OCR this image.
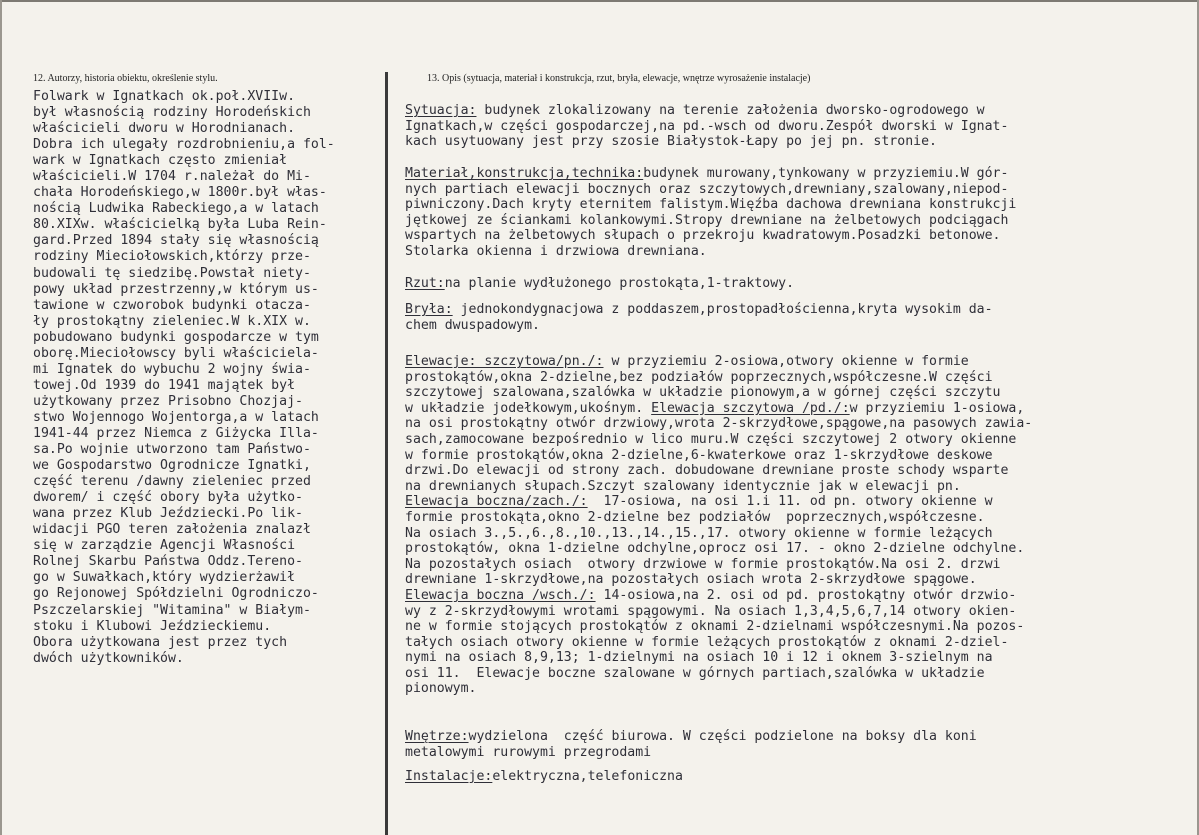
12. Autorzy, historia obiektu, określenie stylu.	13. Opis (sytuacja, materiał i konstrukcja, rzut, bryła, elewacje, wnętrze wyrosażenie instalacje)
Folwark w Ignatkach ok.poł.XVIIw.
był własnością rodziny Horodeńskich
właścicieli dworu w Horodnianach.
Dobra ich ulegały rozdrobnieniu,a fol-
wark w Ignatkach często zmieniał
właścicieli.W 1704 r.należał do Mi-
chała Horodeńskiego,w 1800r.był włas-
nością Ludwika Rabeckiego,a w latach
80.XIXw. właścicielką była Luba Rein-
gard.Przed 1894 stały się własnością
rodziny Mieciołowskich,którzy prze-
budowali tę siedzibę.Powstał niety-
powy układ przestrzenny,w którym us-
tawione w czworobok budynki otacza-
ły prostokątny zieleniec.W k.XIX w.
pobudowano budynki gospodarcze w tym
oborę.Mieciołowscy byli właścicielа-
mi Ignatek do wybuchu 2 wojny świa-
towej.Od 1939 do 1941 majątek był
użytkowany przez Prisobno Chozjaj-
stwo Wojennogo Wojentorga,a w latach
1941-44 przez Niemca z Giżycka Illa-
sa.Po wojnie utworzono tam Państwo-
we Gospodarstwo Ogrodnicze Ignatki,
część terenu /dawny zieleniec przed
dworem/ i część obory była użytko-
wana przez Klub Jeździecki.Po lik-
widacji PGO teren założenia znalazł
się w zarządzie Agencji Własności
Rolnej Skarbu Państwa Oddz.Tereno-
go w Suwałkach,który wydzierżawił
go Rejonowej Spółdzielni Ogrodniczo-
Pszczelarskiej "Witamina" w Białym-
stoku i Klubowi Jeździeckiemu.
Obora użytkowana jest przez tych
dwóch użytkowników.
Sytuacja: budynek zlokalizowany na terenie założenia dworsko-ogrodowego w
Ignatkach,w części gospodarczej,na pd.-wsch od dworu.Zespół dworski w Ignat-
kach usytuowany jest przy szosie Białystok-Łapy po jej pn. stronie.
Materiał,konstrukcja,technika:budynek murowany,tynkowany w przyziemiu.W gór-
nych partiach elewacji bocznych oraz szczytowych,drewniany,szalowany,niepod-
piwniczony.Dach kryty eternitem falistym.Więźba dachowa drewniana konstrukcji
jętkowej ze ściankami kolankowymi.Stropy drewniane na żelbetowych podciągach
wspartych na żelbetowych słupach o przekroju kwadratowym.Posadzki betonowe.
Stolarka okienna i drzwiowa drewniana.
Rzut:na planie wydłużonego prostokąta,1-traktowy.
Bryła: jednokondygnacjowa z poddaszem,prostopadłościenna,kryta wysokim da-
chem dwuspadowym.
Elewacje: szczytowa/pn./: w przyziemiu 2-osiowa,otwory okienne w formie
prostokątów,okna 2-dzielne,bez podziałów poprzecznych,współczesne.W części
szczytowej szalowana,szalówka w układzie pionowym,a w górnej części szczytu
w układzie jodełkowym,ukośnym. Elewacja szczytowa /pd./:w przyziemiu 1-osiowa,
na osi prostokątny otwór drzwiowy,wrota 2-skrzydłowe,spągowe,na pasowych zawia-
sach,zamocowane bezpośrednio w lico muru.W części szczytowej 2 otwory okienne
w formie prostokątów,okna 2-dzielne,6-kwaterkowe oraz 1-skrzydłowe deskowe
drzwi.Do elewacji od strony zach. dobudowane drewniane proste schody wsparte
na drewnianych słupach.Szczyt szalowany identycznie jak w elewacji pn.
Elewacja boczna/zach./:  17-osiowa, na osi 1.i 11. od pn. otwory okienne w
formie prostokąta,okno 2-dzielne bez podziałów  poprzecznych,współczesne.
Na osiach 3.,5.,6.,8.,10.,13.,14.,15.,17. otwory okienne w formie leżących
prostokątów, okna 1-dzielne odchylne,oprocz osi 17. - okno 2-dzielne odchylne.
Na pozostałych osiach  otwory drzwiowe w formie prostokątów.Na osi 2. drzwi
drewniane 1-skrzydłowe,na pozostałych osiach wrota 2-skrzydłowe spągowe.
Elewacja boczna /wsch./: 14-osiowa,na 2. osi od pd. prostokątny otwór drzwio-
wy z 2-skrzydłowymi wrotami spągowymi. Na osiach 1,3,4,5,6,7,14 otwory okien-
ne w formie stojących prostokątów z oknami 2-dzielnami współczesnymi.Na pozos-
tałych osiach otwory okienne w formie leżących prostokątów z oknami 2-dziel-
nymi na osiach 8,9,13; 1-dzielnymi na osiach 10 i 12 i oknem 3-szielnym na
osi 11.  Elewacje boczne szalowane w górnych partiach,szalówka w układzie
pionowym.
Wnętrze:wydzielona  część biurowa. W części podzielone na boksy dla koni
metalowymi rurowymi przegrodami
Instalacje:elektryczna,telefoniczna
